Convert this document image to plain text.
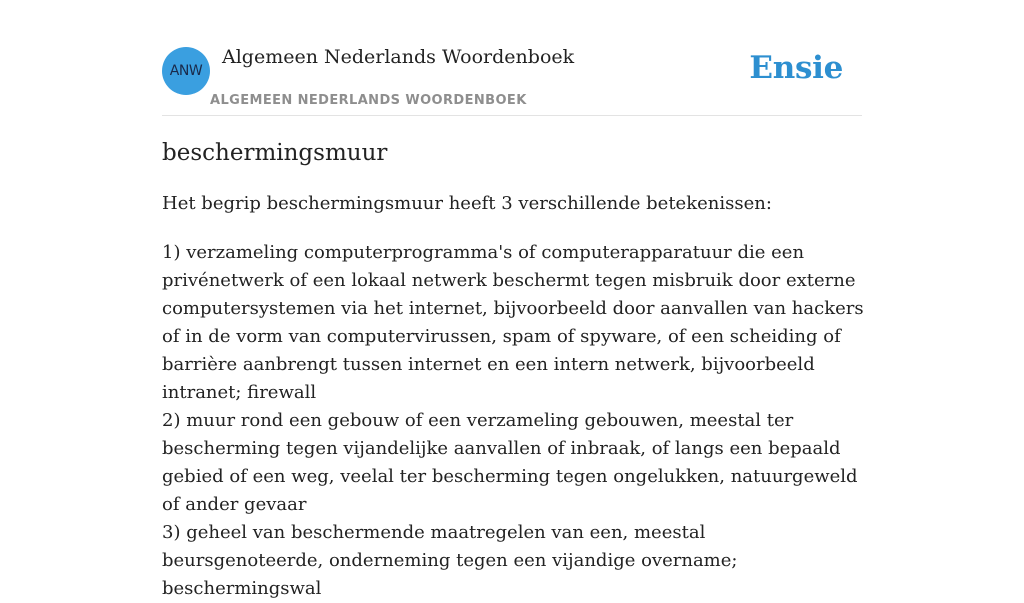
ANW
Algemeen Nederlands Woordenboek
ALGEMEEN NEDERLANDS WOORDENBOEK
Ensie
beschermingsmuur

Het begrip beschermingsmuur heeft 3 verschillende betekenissen:

1) verzameling computerprogramma's of computerapparatuur die een privénetwerk of een lokaal netwerk beschermt tegen misbruik door externe computersystemen via het internet, bijvoorbeeld door aanvallen van hackers of in de vorm van computervirussen, spam of spyware, of een scheiding of barrière aanbrengt tussen internet en een intern netwerk, bijvoorbeeld intranet; firewall
2) muur rond een gebouw of een verzameling gebouwen, meestal ter bescherming tegen vijandelijke aanvallen of inbraak, of langs een bepaald gebied of een weg, veelal ter bescherming tegen ongelukken, natuurgeweld of ander gevaar
3) geheel van beschermende maatregelen van een, meestal beursgenoteerde, onderneming tegen een vijandige overname; beschermingswal
